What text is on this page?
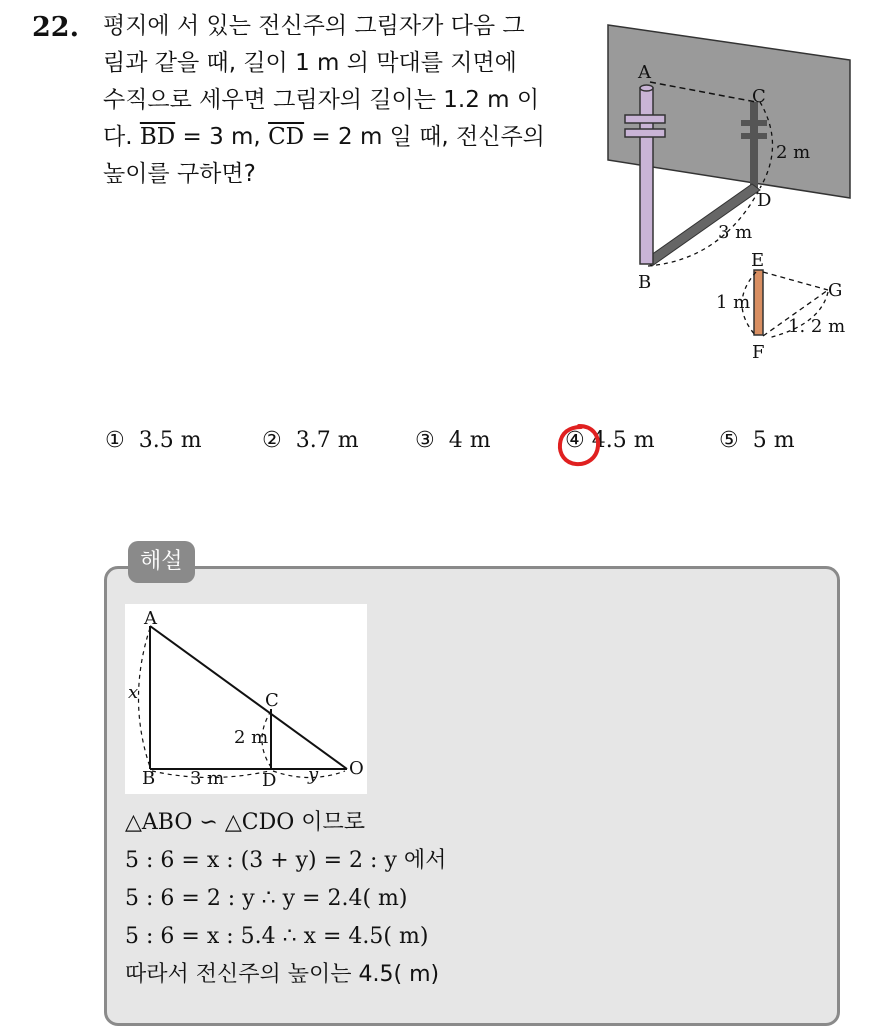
22. 평지에 서 있는 전신주의 그림자가 다음 그
림과 같을 때, 길이 1 m 의 막대를 지면에
수직으로 세우면 그림자의 길이는 1.2 m 이
다. $\overline{BD} = 3$ m, $\overline{CD} = 2$ m 일 때, 전신주의
높이를 구하면?
A
C
2 m
D
3 m
B
E
1 m
G
1. 2 m
F
① 3.5 m	② 3.7 m	③ 4 m	④ 4.5 m	⑤ 5 m
해설
A
x	C
2 m
B 3 m D y O
△ABO ∽ △CDO 이므로
5 : 6 = x : (3 + y) = 2 : y 에서
5 : 6 = 2 : y ∴ y = 2.4( m)
5 : 6 = x : 5.4 ∴ x = 4.5( m)
따라서 전신주의 높이는 4.5( m)
